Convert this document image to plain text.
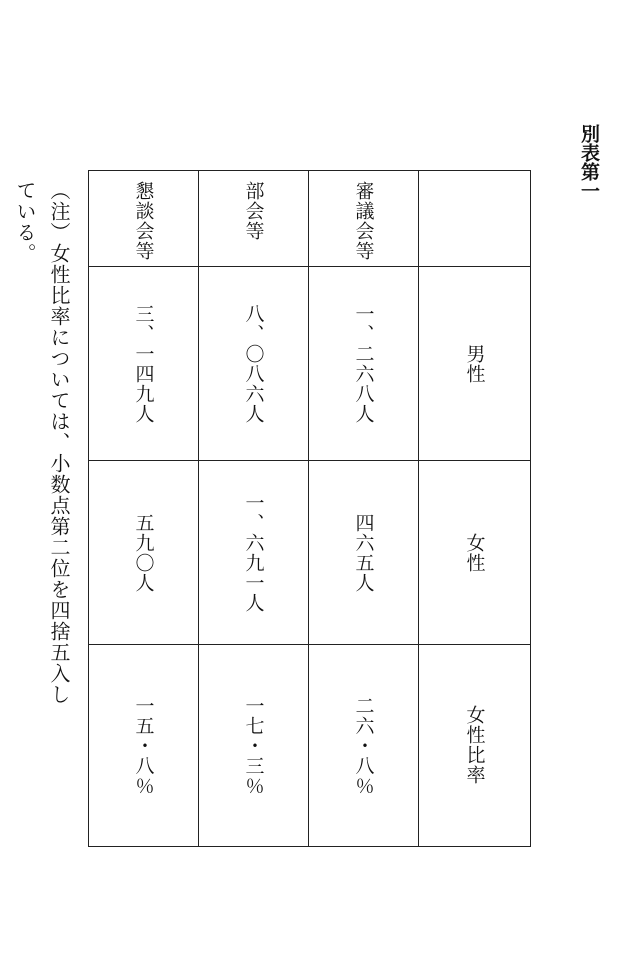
別表第一
懇談会等	部会等	審議会等	

三、一四九人	八、〇八六人	一、二六八人	男性

五九〇人	一、六九一人	四六五人	女性

一五・八％	一七・三％	二六・八％	女性比率
（注）女性比率については、小数点第二位を四捨五入している。
